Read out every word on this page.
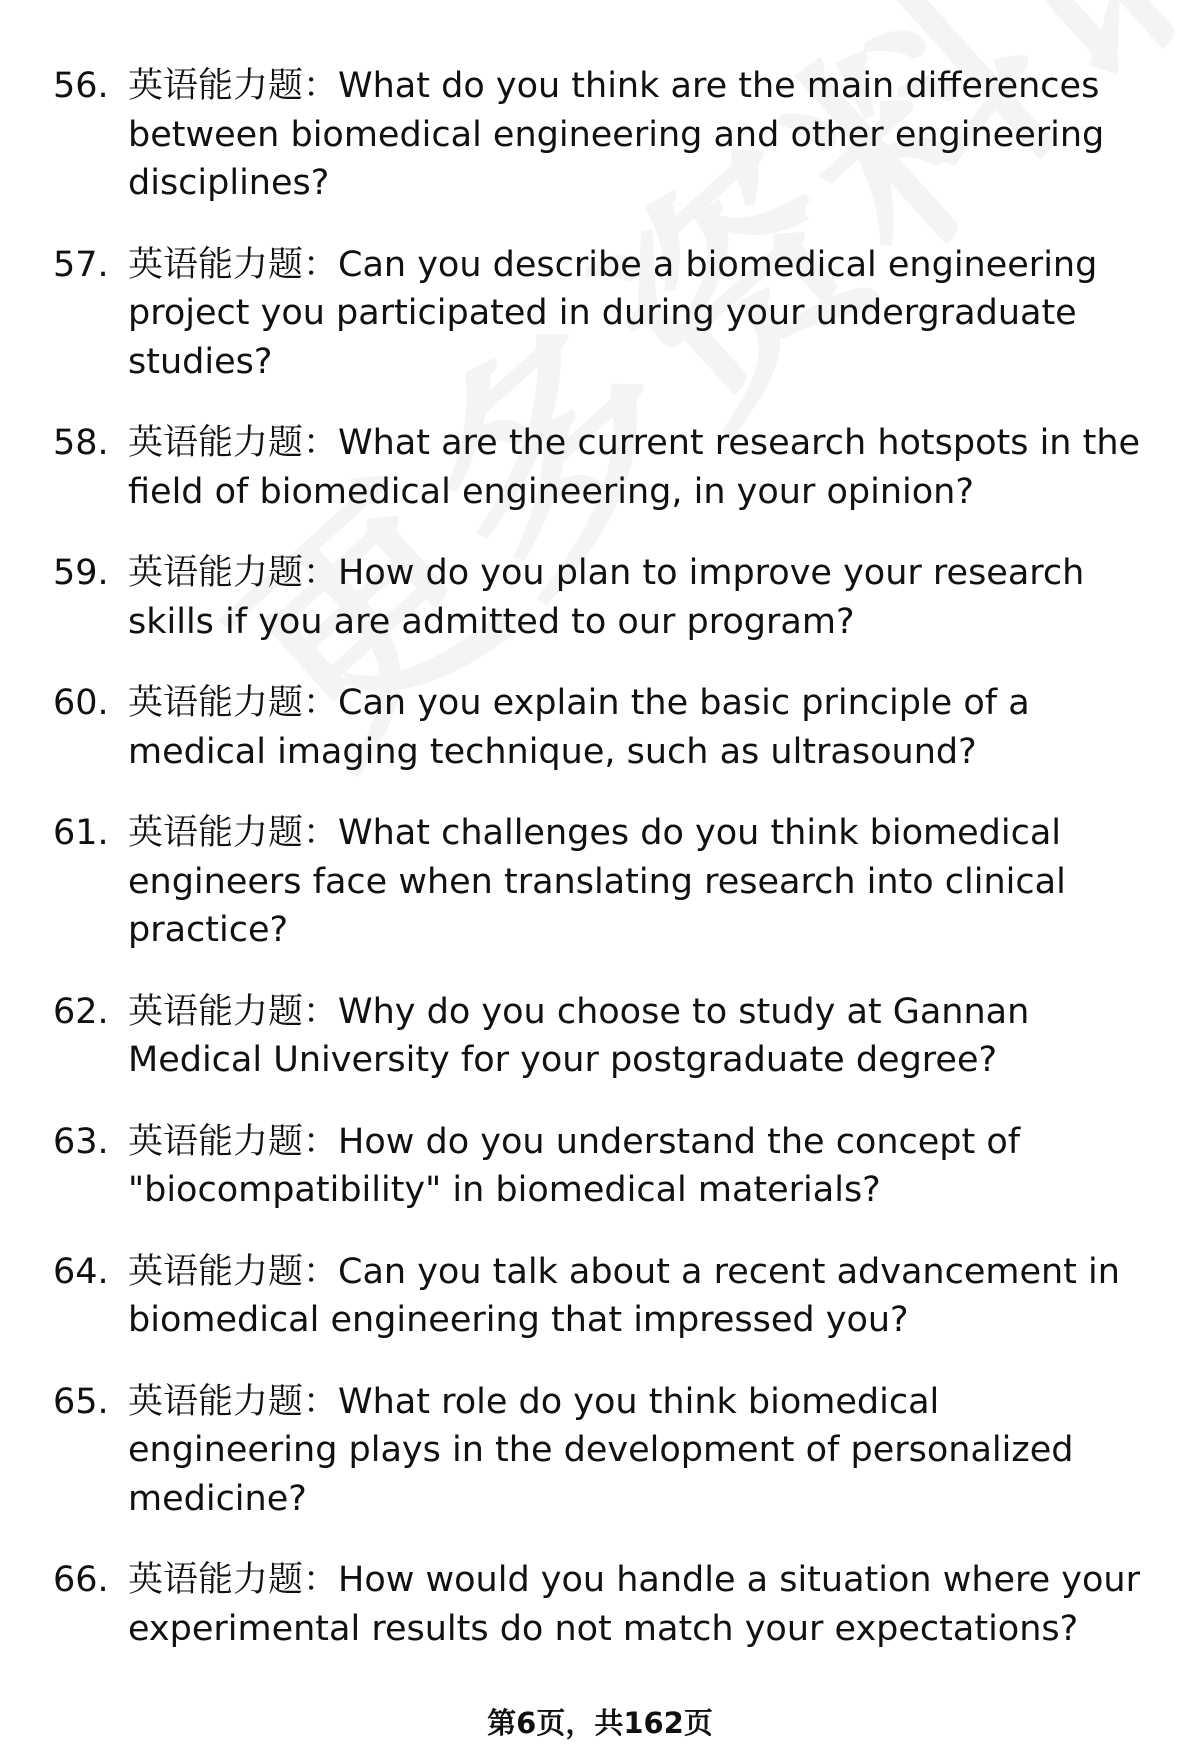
56. 英语能力题：What do you think are the main differences between biomedical engineering and other engineering disciplines?
57. 英语能力题：Can you describe a biomedical engineering project you participated in during your undergraduate studies?
58. 英语能力题：What are the current research hotspots in the field of biomedical engineering, in your opinion?
59. 英语能力题：How do you plan to improve your research skills if you are admitted to our program?
60. 英语能力题：Can you explain the basic principle of a medical imaging technique, such as ultrasound?
61. 英语能力题：What challenges do you think biomedical engineers face when translating research into clinical practice?
62. 英语能力题：Why do you choose to study at Gannan Medical University for your postgraduate degree?
63. 英语能力题：How do you understand the concept of "biocompatibility" in biomedical materials?
64. 英语能力题：Can you talk about a recent advancement in biomedical engineering that impressed you?
65. 英语能力题：What role do you think biomedical engineering plays in the development of personalized medicine?
66. 英语能力题：How would you handle a situation where your experimental results do not match your expectations?
第6页，共162页
